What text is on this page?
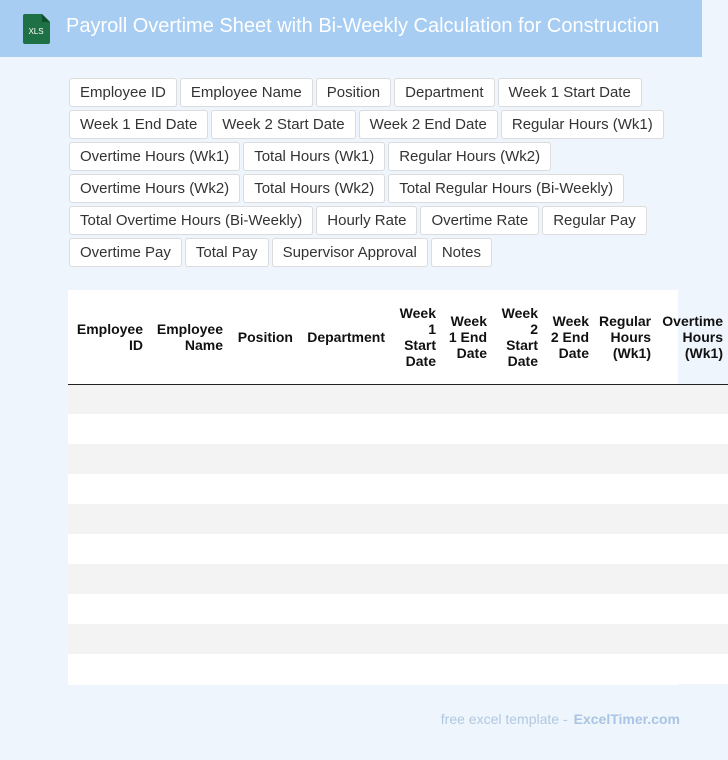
XLS Payroll Overtime Sheet with Bi-Weekly Calculation for Construction
Employee ID	Employee Name	Position	Department	Week 1 Start Date
Week 1 End Date	Week 2 Start Date	Week 2 End Date	Regular Hours (Wk1)
Overtime Hours (Wk1)	Total Hours (Wk1)	Regular Hours (Wk2)
Overtime Hours (Wk2)	Total Hours (Wk2)	Total Regular Hours (Bi-Weekly)
Total Overtime Hours (Bi-Weekly)	Hourly Rate	Overtime Rate	Regular Pay
Overtime Pay	Total Pay	Supervisor Approval	Notes
Employee ID	Employee Name	Position	Department	Week 1 Start Date	Week 1 End Date	Week 2 Start Date	Week 2 End Date	Regular Hours (Wk1)	Overtime Hours (Wk1)

free excel template - ExcelTimer.com
